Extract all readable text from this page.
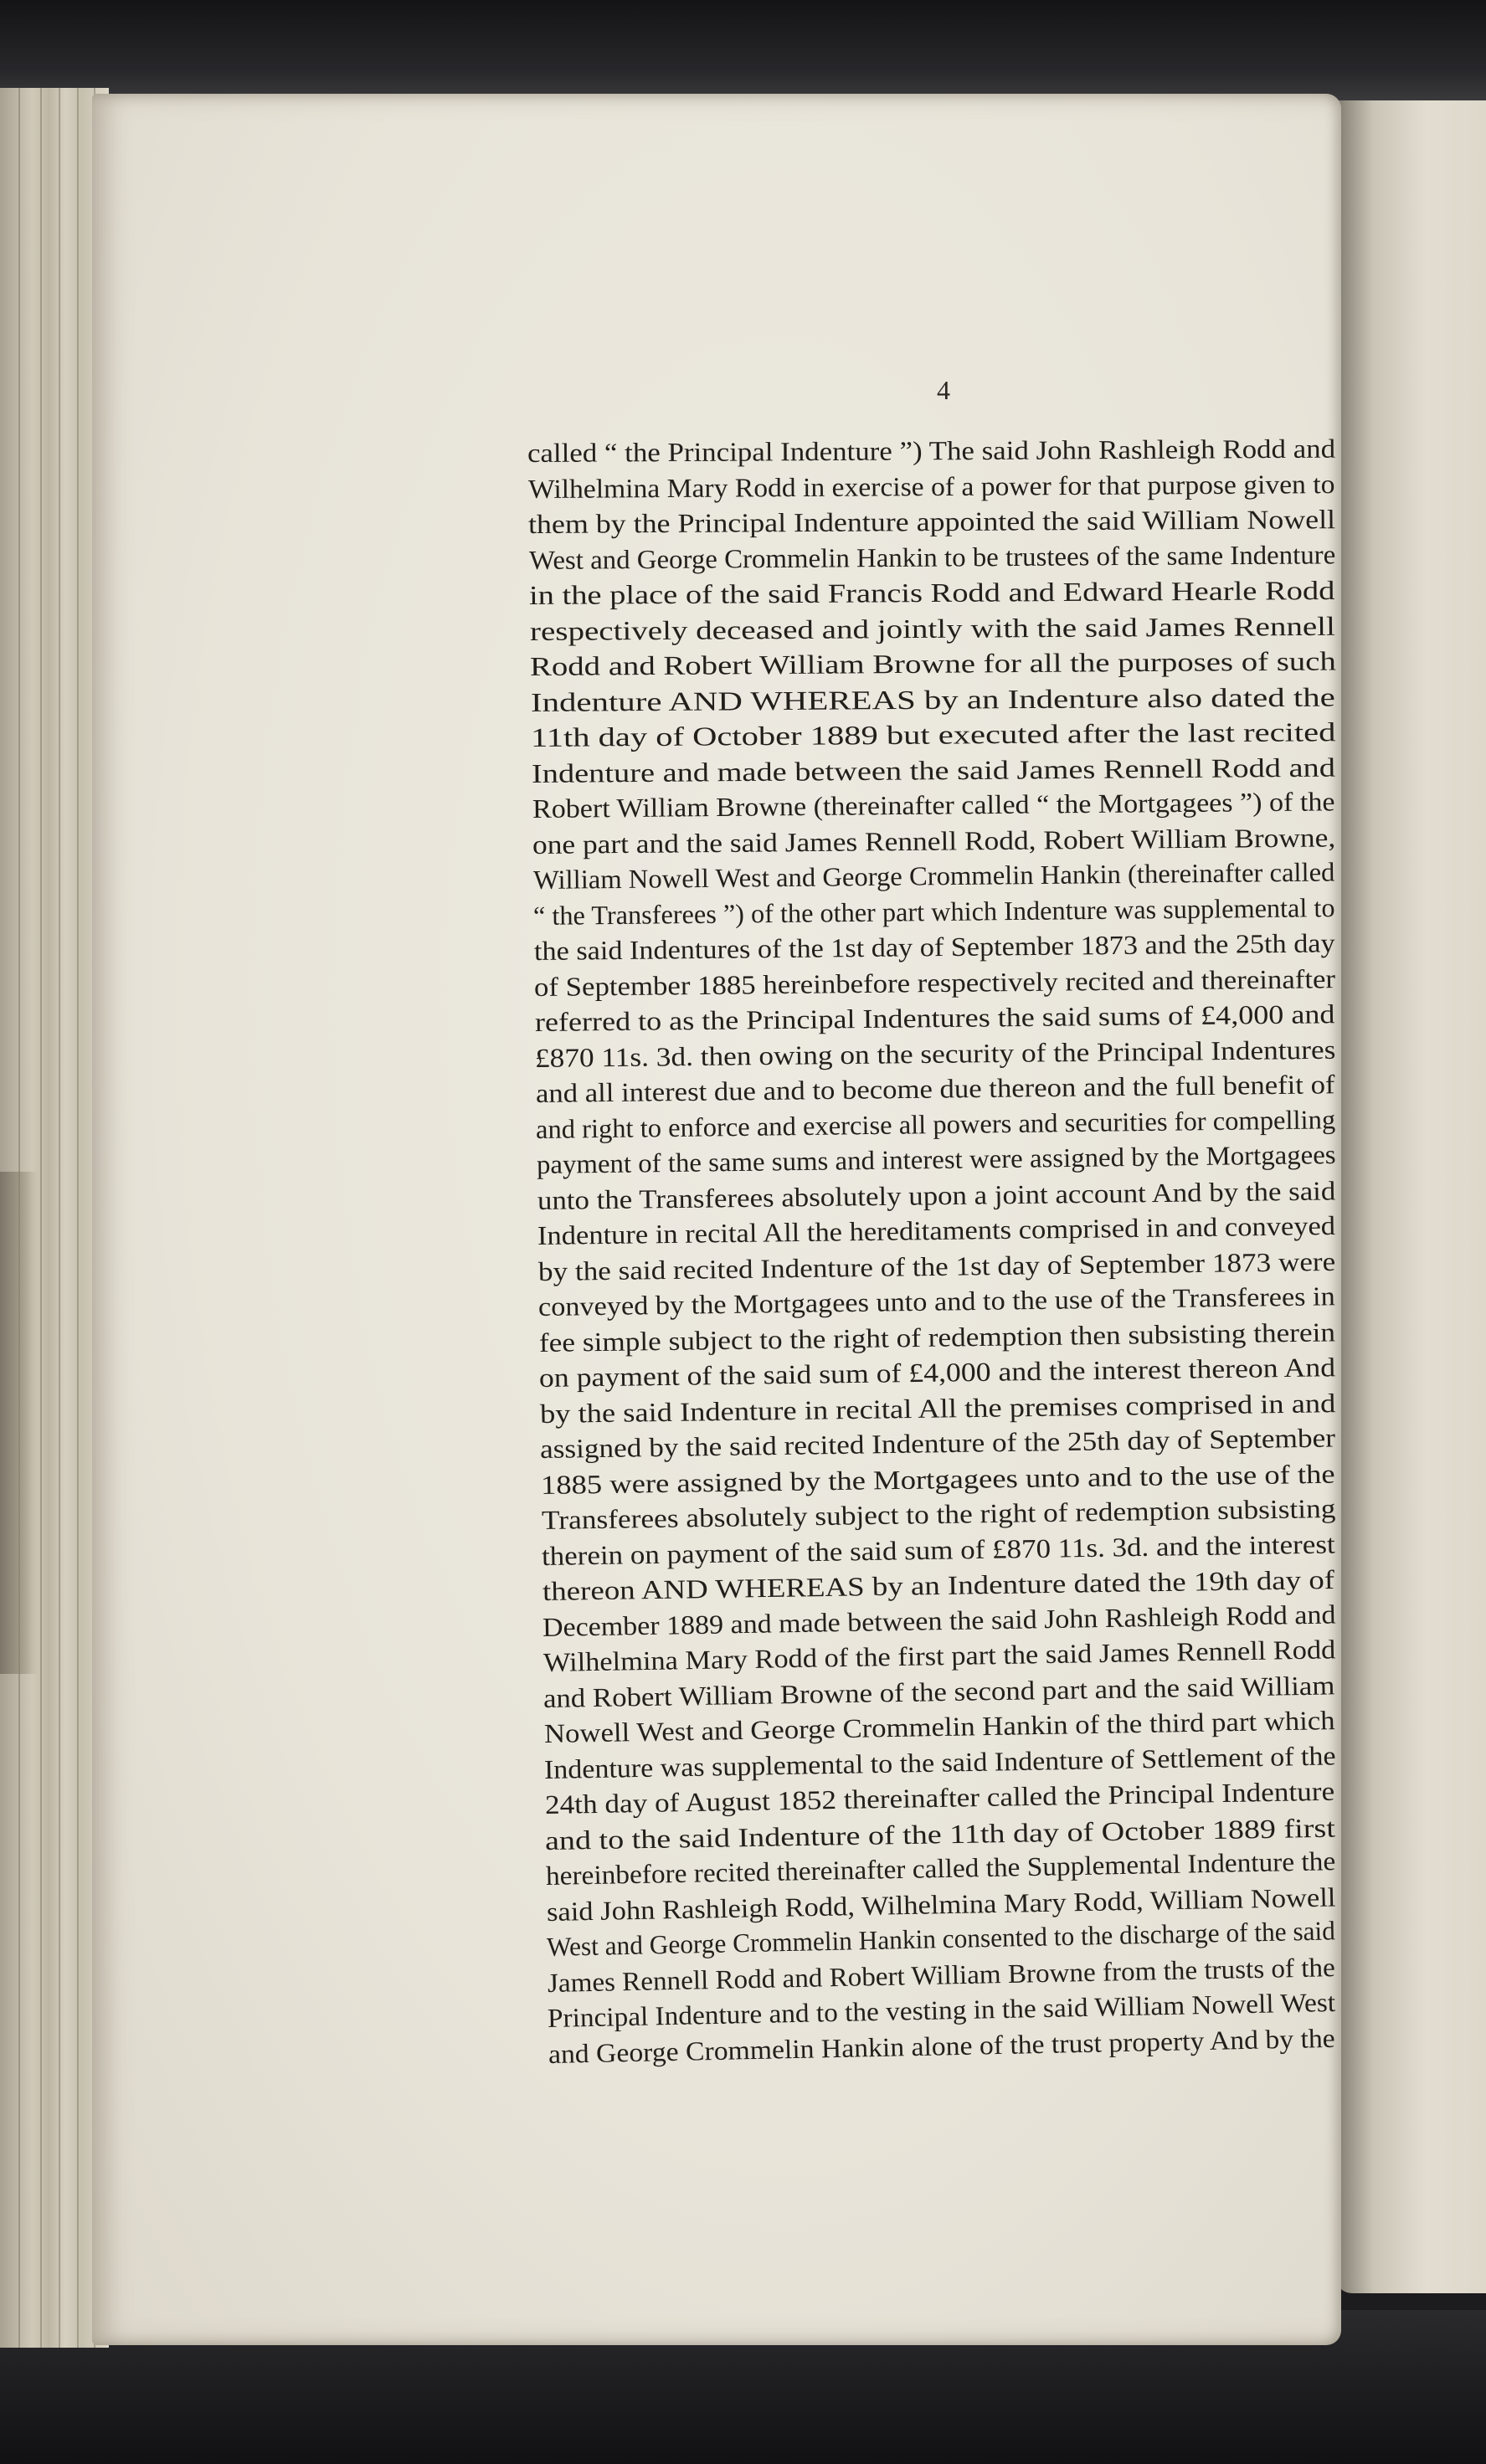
4
called “ the Principal Indenture ”) The said John Rashleigh Rodd and
Wilhelmina Mary Rodd in exercise of a power for that purpose given to
them by the Principal Indenture appointed the said William Nowell
West and George Crommelin Hankin to be trustees of the same Indenture
in the place of the said Francis Rodd and Edward Hearle Rodd
respectively deceased and jointly with the said James Rennell
Rodd and Robert William Browne for all the purposes of such
Indenture AND WHEREAS by an Indenture also dated the
11th day of October 1889 but executed after the last recited
Indenture and made between the said James Rennell Rodd and
Robert William Browne (thereinafter called “ the Mortgagees ”) of the
one part and the said James Rennell Rodd, Robert William Browne,
William Nowell West and George Crommelin Hankin (thereinafter called
“ the Transferees ”) of the other part which Indenture was supplemental to
the said Indentures of the 1st day of September 1873 and the 25th day
of September 1885 hereinbefore respectively recited and thereinafter
referred to as the Principal Indentures the said sums of £4,000 and
£870 11s. 3d. then owing on the security of the Principal Indentures
and all interest due and to become due thereon and the full benefit of
and right to enforce and exercise all powers and securities for compelling
payment of the same sums and interest were assigned by the Mortgagees
unto the Transferees absolutely upon a joint account And by the said
Indenture in recital All the hereditaments comprised in and conveyed
by the said recited Indenture of the 1st day of September 1873 were
conveyed by the Mortgagees unto and to the use of the Transferees in
fee simple subject to the right of redemption then subsisting therein
on payment of the said sum of £4,000 and the interest thereon And
by the said Indenture in recital All the premises comprised in and
assigned by the said recited Indenture of the 25th day of September
1885 were assigned by the Mortgagees unto and to the use of the
Transferees absolutely subject to the right of redemption subsisting
therein on payment of the said sum of £870 11s. 3d. and the interest
thereon AND WHEREAS by an Indenture dated the 19th day of
December 1889 and made between the said John Rashleigh Rodd and
Wilhelmina Mary Rodd of the first part the said James Rennell Rodd
and Robert William Browne of the second part and the said William
Nowell West and George Crommelin Hankin of the third part which
Indenture was supplemental to the said Indenture of Settlement of the
24th day of August 1852 thereinafter called the Principal Indenture
and to the said Indenture of the 11th day of October 1889 first
hereinbefore recited thereinafter called the Supplemental Indenture the
said John Rashleigh Rodd, Wilhelmina Mary Rodd, William Nowell
West and George Crommelin Hankin consented to the discharge of the said
James Rennell Rodd and Robert William Browne from the trusts of the
Principal Indenture and to the vesting in the said William Nowell West
and George Crommelin Hankin alone of the trust property And by the
